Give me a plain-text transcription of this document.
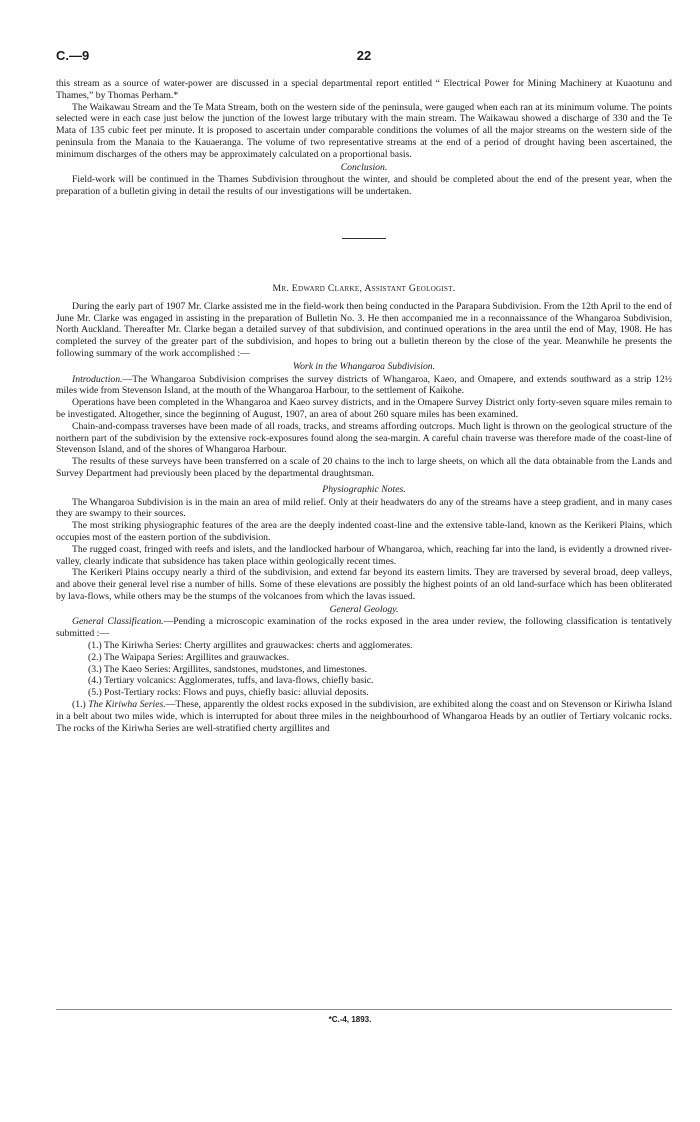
C.—9	22

this stream as a source of water-power are discussed in a special departmental report entitled “ Electrical Power for Mining Machinery at Kuaotunu and Thames,” by Thomas Perham.*

The Waikawau Stream and the Te Mata Stream, both on the western side of the peninsula, were gauged when each ran at its minimum volume. The points selected were in each case just below the junction of the lowest large tributary with the main stream. The Waikawau showed a discharge of 330 and the Te Mata of 135 cubic feet per minute. It is proposed to ascertain under comparable conditions the volumes of all the major streams on the western side of the peninsula from the Manaia to the Kauaeranga. The volume of two representative streams at the end of a period of drought having been ascertained, the minimum discharges of the others may be approximately calculated on a proportional basis.

Conclusion.

Field-work will be continued in the Thames Subdivision throughout the winter, and should be completed about the end of the present year, when the preparation of a bulletin giving in detail the results of our investigations will be undertaken.

Mr. Edward Clarke, Assistant Geologist.

During the early part of 1907 Mr. Clarke assisted me in the field-work then being conducted in the Parapara Subdivision. From the 12th April to the end of June Mr. Clarke was engaged in assisting in the preparation of Bulletin No. 3. He then accompanied me in a reconnaissance of the Whangaroa Subdivision, North Auckland. Thereafter Mr. Clarke began a detailed survey of that subdivision, and continued operations in the area until the end of May, 1908. He has completed the survey of the greater part of the subdivision, and hopes to bring out a bulletin thereon by the close of the year. Meanwhile he presents the following summary of the work accomplished :—

Work in the Whangaroa Subdivision.

Introduction.—The Whangaroa Subdivision comprises the survey districts of Whangaroa, Kaeo, and Omapere, and extends southward as a strip 12½ miles wide from Stevenson Island, at the mouth of the Whangaroa Harbour, to the settlement of Kaikohe.

Operations have been completed in the Whangaroa and Kaeo survey districts, and in the Omapere Survey District only forty-seven square miles remain to be investigated. Altogether, since the beginning of August, 1907, an area of about 260 square miles has been examined.

Chain-and-compass traverses have been made of all roads, tracks, and streams affording outcrops. Much light is thrown on the geological structure of the northern part of the subdivision by the extensive rock-exposures found along the sea-margin. A careful chain traverse was therefore made of the coast-line of Stevenson Island, and of the shores of Whangaroa Harbour.

The results of these surveys have been transferred on a scale of 20 chains to the inch to large sheets, on which all the data obtainable from the Lands and Survey Department had previously been placed by the departmental draughtsman.

Physiographic Notes.

The Whangaroa Subdivision is in the main an area of mild relief. Only at their headwaters do any of the streams have a steep gradient, and in many cases they are swampy to their sources.

The most striking physiographic features of the area are the deeply indented coast-line and the extensive table-land, known as the Kerikeri Plains, which occupies most of the eastern portion of the subdivision.

The rugged coast, fringed with reefs and islets, and the landlocked harbour of Whangaroa, which, reaching far into the land, is evidently a drowned river-valley, clearly indicate that subsidence has taken place within geologically recent times.

The Kerikeri Plains occupy nearly a third of the subdivision, and extend far beyond its eastern limits. They are traversed by several broad, deep valleys, and above their general level rise a number of hills. Some of these elevations are possibly the highest points of an old land-surface which has been obliterated by lava-flows, while others may be the stumps of the volcanoes from which the lavas issued.

General Geology.

General Classification.—Pending a microscopic examination of the rocks exposed in the area under review, the following classification is tentatively submitted :—

(1.) The Kiriwha Series: Cherty argillites and grauwackes: cherts and agglomerates.
(2.) The Waipapa Series: Argillites and grauwackes.
(3.) The Kaeo Series: Argillites, sandstones, mudstones, and limestones.
(4.) Tertiary volcanics: Agglomerates, tuffs, and lava-flows, chiefly basic.
(5.) Post-Tertiary rocks: Flows and puys, chiefly basic: alluvial deposits.

(1.) The Kiriwha Series.—These, apparently the oldest rocks exposed in the subdivision, are exhibited along the coast and on Stevenson or Kiriwha Island in a belt about two miles wide, which is interrupted for about three miles in the neighbourhood of Whangaroa Heads by an outlier of Tertiary volcanic rocks. The rocks of the Kiriwha Series are well-stratified cherty argillites and

*C.-4, 1893.
